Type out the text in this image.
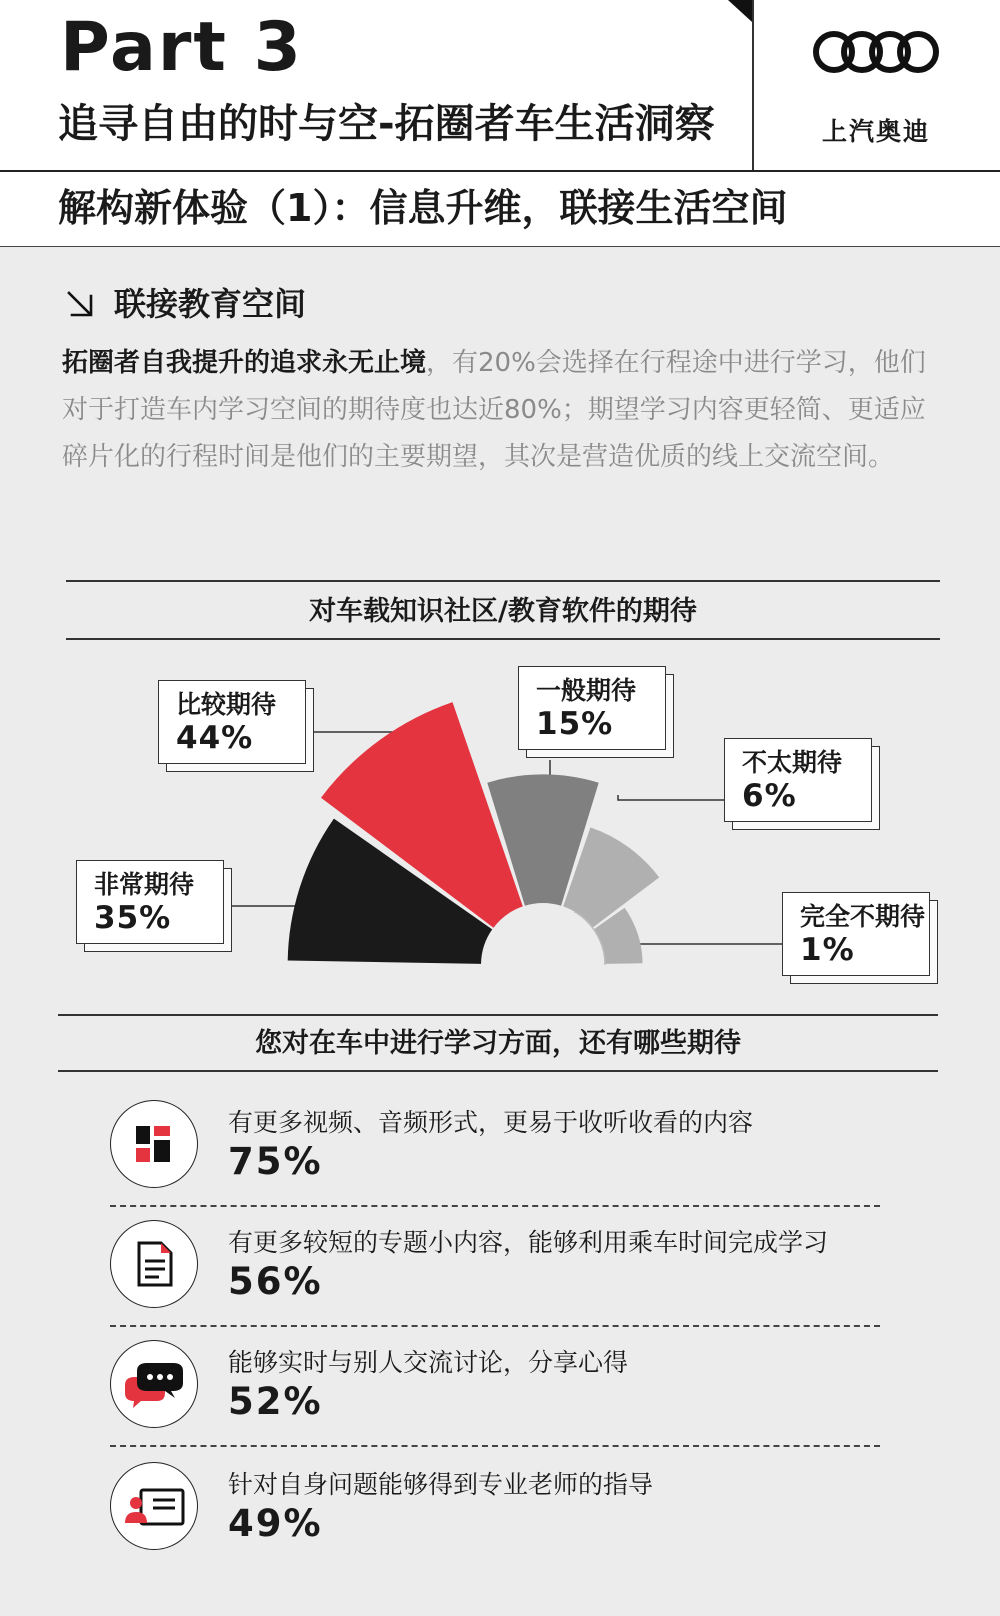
Part 3
追寻自由的时与空-拓圈者车生活洞察	上汽奥迪
解构新体验（1）：信息升维，联接生活空间
联接教育空间

拓圈者自我提升的追求永无止境，有20%会选择在行程途中进行学习，他们对于打造车内学习空间的期待度也达近80%；期望学习内容更轻简、更适应碎片化的行程时间是他们的主要期望，其次是营造优质的线上交流空间。

对车载知识社区/教育软件的期待
比较期待
44%
非常期待
35%
一般期待
15%
不太期待
6%
完全不期待
1%
您对在车中进行学习方面，还有哪些期待
有更多视频、音频形式，更易于收听收看的内容
75%
有更多较短的专题小内容，能够利用乘车时间完成学习
56%
能够实时与别人交流讨论，分享心得
52%
针对自身问题能够得到专业老师的指导
49%
